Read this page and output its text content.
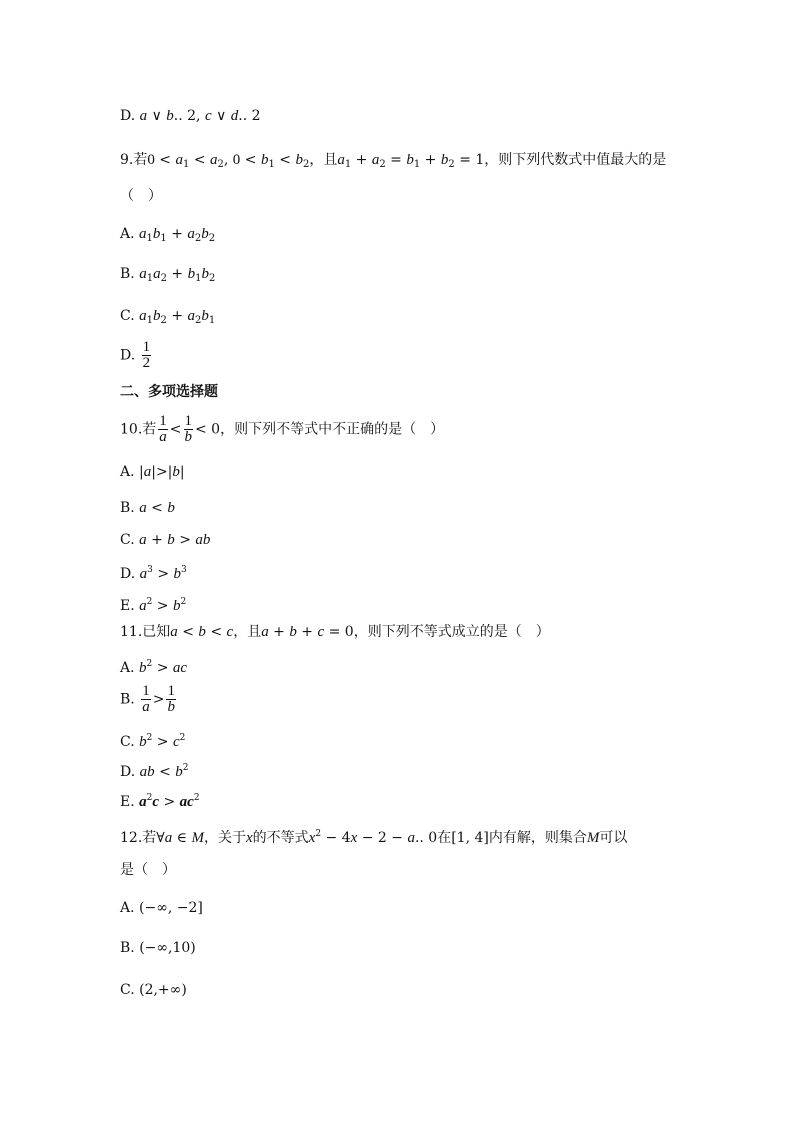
D. a ∨ b.. 2, c ∨ d.. 2
9.若$0 < a_1 < a_2$, $0 < b_1 < b_2$，且$a_1 + a_2 = b_1 + b_2 = 1$，则下列代数式中值最大的是
（　）
A. $a_1b_1 + a_2b_2$
B. $a_1a_2 + b_1b_2$
C. $a_1b_2 + a_2b_1$
D. $\frac{1}{2}$
二、多项选择题
10.若 $\frac{1}{a} < \frac{1}{b} < 0$，则下列不等式中不正确的是（　）
A. |a|>|b|
B. a < b
C. a + b > ab
D. $a^3 > b^3$
E. $a^2 > b^2$
11.已知a < b < c，且a + b + c = 0，则下列不等式成立的是（　）
A. $b^2$ > ac
B. $\frac{1}{a} > \frac{1}{b}$
C. $b^2 > c^2$
D. ab < $b^2$
E. $a^2c > ac^2$
12.若∀a ∈ M，关于x的不等式$x^2 - 4x - 2 - a$.. 0在[1, 4]内有解，则集合M可以
是（　）
A. (−∞, −2]
B. (−∞,10)
C. (2,+∞)
